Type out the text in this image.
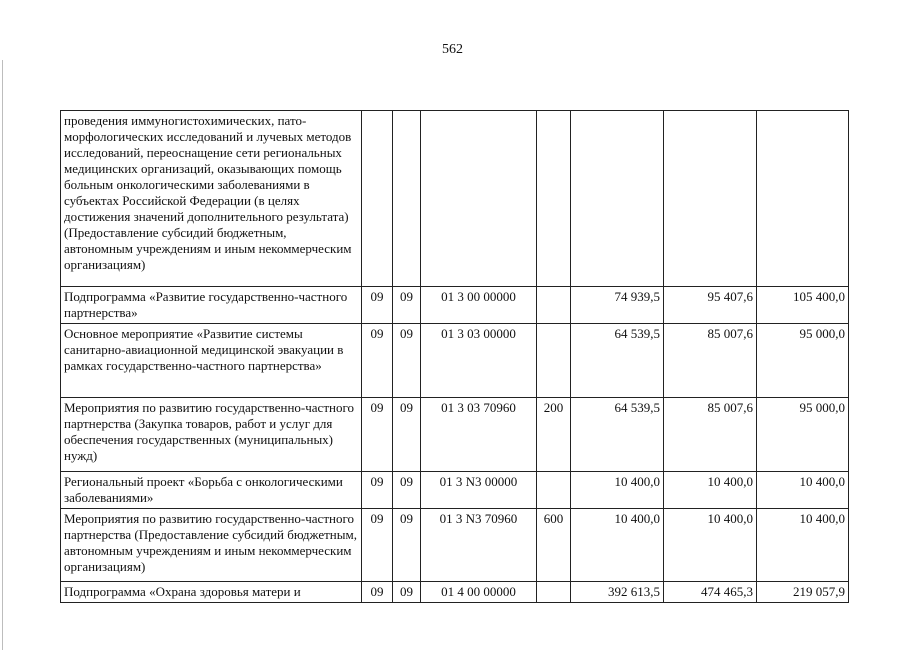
562
проведения иммуногистохимических, пато-морфологических исследований и лучевых методов исследований, переоснащение сети региональных медицинских организаций, оказывающих помощь больным онкологическими заболеваниями в субъектах Российской Федерации (в целях достижения значений дополнительного результата) (Предоставление субсидий бюджетным, автономным учреждениям и иным некоммерческим организациям)							
Подпрограмма «Развитие государственно-частного партнерства»	09	09	01 3 00 00000		74 939,5	95 407,6	105 400,0
Основное мероприятие «Развитие системы санитарно-авиационной медицинской эвакуации в рамках государственно-частного партнерства»	09	09	01 3 03 00000		64 539,5	85 007,6	95 000,0
Мероприятия по развитию государственно-частного партнерства (Закупка товаров, работ и услуг для обеспечения государственных (муниципальных) нужд)	09	09	01 3 03 70960	200	64 539,5	85 007,6	95 000,0
Региональный проект «Борьба с онкологическими заболеваниями»	09	09	01 3 N3 00000		10 400,0	10 400,0	10 400,0
Мероприятия по развитию государственно-частного партнерства (Предоставление субсидий бюджетным, автономным учреждениям и иным некоммерческим организациям)	09	09	01 3 N3 70960	600	10 400,0	10 400,0	10 400,0
Подпрограмма «Охрана здоровья матери и	09	09	01 4 00 00000		392 613,5	474 465,3	219 057,9
